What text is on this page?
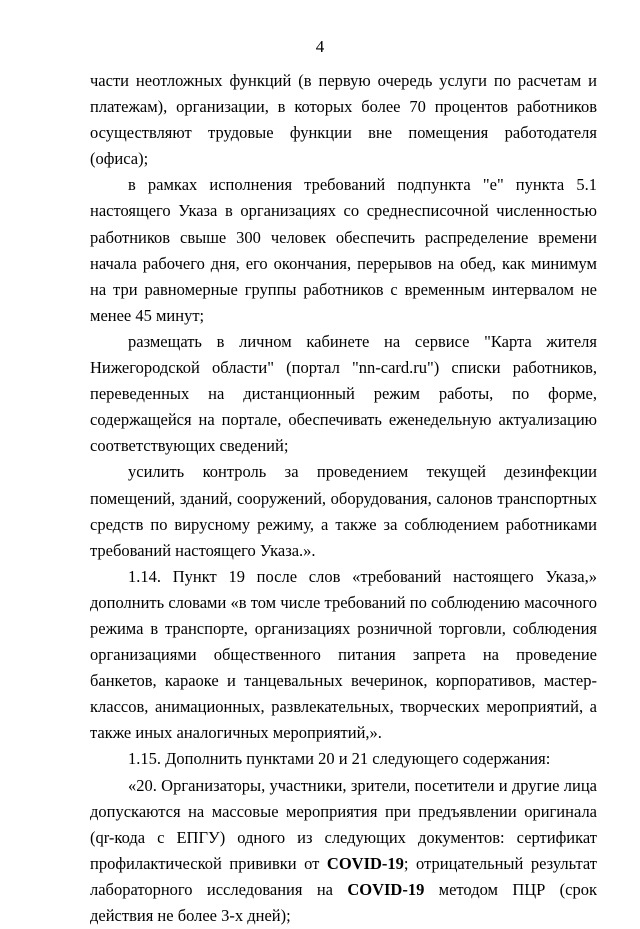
4

части неотложных функций (в первую очередь услуги по расчетам и платежам), организации, в которых более 70 процентов работников осуществляют трудовые функции вне помещения работодателя (офиса);

в рамках исполнения требований подпункта "е" пункта 5.1 настоящего Указа в организациях со среднесписочной численностью работников свыше 300 человек обеспечить распределение времени начала рабочего дня, его окончания, перерывов на обед, как минимум на три равномерные группы работников с временным интервалом не менее 45 минут;

размещать в личном кабинете на сервисе "Карта жителя Нижегородской области" (портал "nn-card.ru") списки работников, переведенных на дистанционный режим работы, по форме, содержащейся на портале, обеспечивать еженедельную актуализацию соответствующих сведений;

усилить контроль за проведением текущей дезинфекции помещений, зданий, сооружений, оборудования, салонов транспортных средств по вирусному режиму, а также за соблюдением работниками требований настоящего Указа.».

1.14. Пункт 19 после слов «требований настоящего Указа,» дополнить словами «в том числе требований по соблюдению масочного режима в транспорте, организациях розничной торговли, соблюдения организациями общественного питания запрета на проведение банкетов, караоке и танцевальных вечеринок, корпоративов, мастер-классов, анимационных, развлекательных, творческих мероприятий, а также иных аналогичных мероприятий,».

1.15. Дополнить пунктами 20 и 21 следующего содержания:

«20. Организаторы, участники, зрители, посетители и другие лица допускаются на массовые мероприятия при предъявлении оригинала (qr-кода с ЕПГУ) одного из следующих документов: сертификат профилактической прививки от COVID-19; отрицательный результат лабораторного исследования на COVID-19 методом ПЦР (срок действия не более 3-х дней);
